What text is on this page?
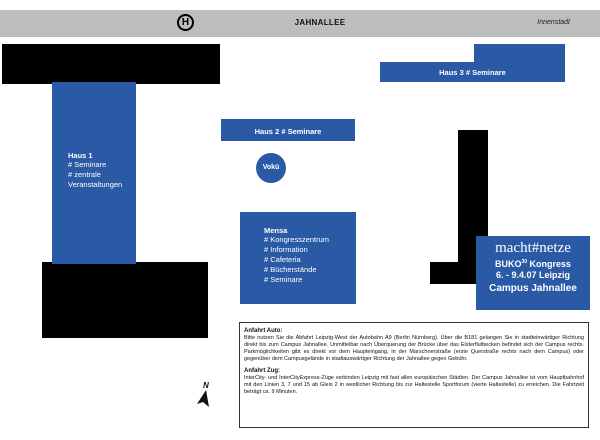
H	JAHNALLEE	Innenstadt
Haus 1
# Seminare
# zentrale
Veranstaltungen
Haus 2 # Seminare
Haus 3 # Seminare
Vokü
Mensa
# Kongresszentrum
# Information
# Cafeteria
# Bücherstände
# Seminare
macht#netze
BUKO$^{30}$ Kongress
6. - 9.4.07 Leipzig
Campus Jahnallee
N
Anfahrt Auto:
Bitte nutzen Sie die Abfahrt Leipzig-West der Autobahn A9 (Berlin Nürnberg). Über die B181 gelangen Sie in stadteinwärtiger Richtung direkt bis zum Campus Jahnallee. Unmittelbar nach Überquerung der Brücke über das Elsterflutbecken befindet sich der Campus rechts. Parkmöglichkeiten gibt es direkt vor dem Haupteingang, in der Marschnerstraße (erste Querstraße rechts nach dem Campus) oder gegenüber dem Campusgelände in stadtauswärtiger Richtung der Jahnallee gegen Gebühr.
Anfahrt Zug:
InterCity- und InterCityExpress-Züge verbinden Leipzig mit fast allen europäischen Städten. Der Campus Jahnallee ist vom Hauptbahnhof mit den Linien 3, 7 und 15 ab Gleis 2 in westlicher Richtung bis zur Haltestelle Sportforum (vierte Haltestelle) zu erreichen. Die Fahrtzeit beträgt ca. 9 Minuten.
